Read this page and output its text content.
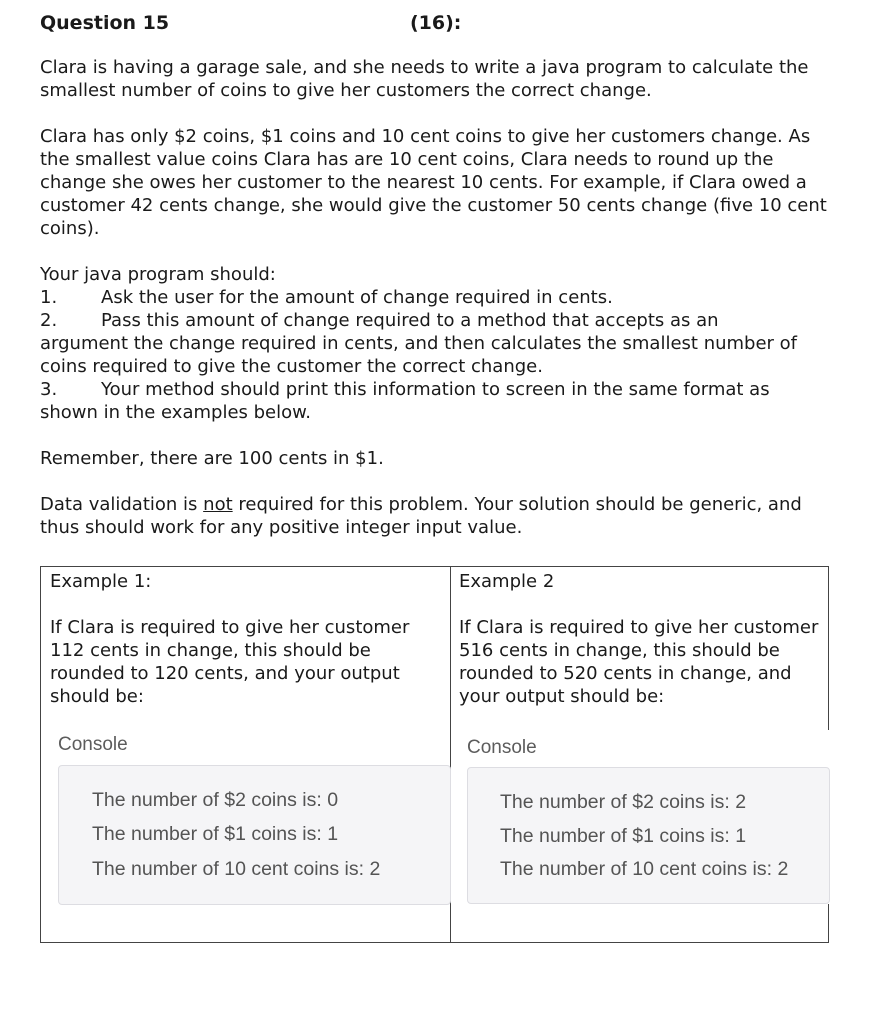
Question 15	(16):

Clara is having a garage sale, and she needs to write a java program to calculate the smallest number of coins to give her customers the correct change.

Clara has only $2 coins, $1 coins and 10 cent coins to give her customers change. As the smallest value coins Clara has are 10 cent coins, Clara needs to round up the change she owes her customer to the nearest 10 cents. For example, if Clara owed a customer 42 cents change, she would give the customer 50 cents change (five 10 cent coins).

Your java program should:
1. Ask the user for the amount of change required in cents.
2. Pass this amount of change required to a method that accepts as an
argument the change required in cents, and then calculates the smallest number of coins required to give the customer the correct change.
3. Your method should print this information to screen in the same format as
shown in the examples below.

Remember, there are 100 cents in $1.

Data validation is not required for this problem. Your solution should be generic, and thus should work for any positive integer input value.

Example 1:
If Clara is required to give her customer 112 cents in change, this should be rounded to 120 cents, and your output should be:
Console
The number of $2 coins is: 0
The number of $1 coins is: 1
The number of 10 cent coins is: 2
Example 2
If Clara is required to give her customer 516 cents in change, this should be rounded to 520 cents in change, and your output should be:
Console
The number of $2 coins is: 2
The number of $1 coins is: 1
The number of 10 cent coins is: 2
